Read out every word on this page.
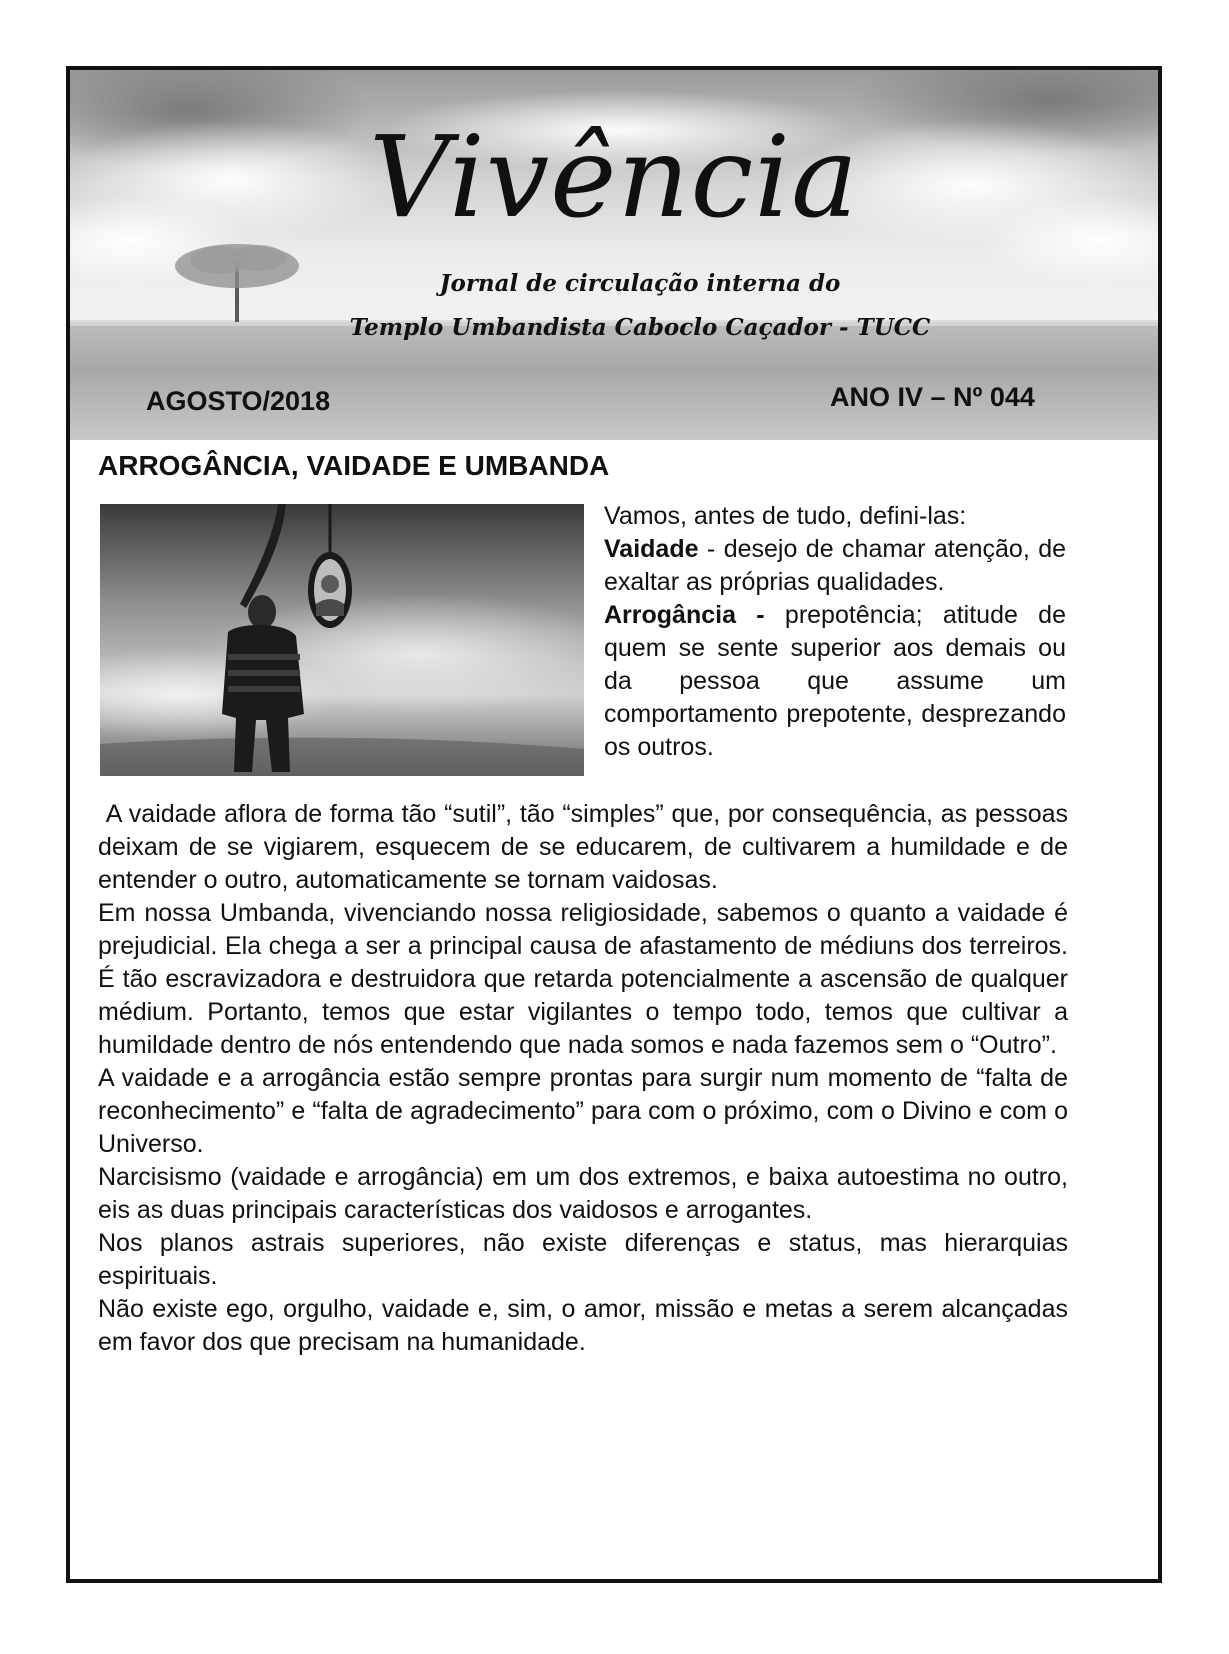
Vivência
Jornal de circulação interna do
Templo Umbandista Caboclo Caçador - TUCC
AGOSTO/2018	ANO IV – Nº 044
ARROGÂNCIA, VAIDADE E UMBANDA

Vamos, antes de tudo, defini-las:

Vaidade - desejo de chamar atenção, de exaltar as próprias qualidades.

Arrogância - prepotência; atitude de quem se sente superior aos demais ou da pessoa que assume um comportamento prepotente, desprezando os outros.

A vaidade aflora de forma tão “sutil”, tão “simples” que, por consequência, as pessoas deixam de se vigiarem, esquecem de se educarem, de cultivarem a humildade e de entender o outro, automaticamente se tornam vaidosas.

Em nossa Umbanda, vivenciando nossa religiosidade, sabemos o quanto a vaidade é prejudicial. Ela chega a ser a principal causa de afastamento de médiuns dos terreiros. É tão escravizadora e destruidora que retarda potencialmente a ascensão de qualquer médium. Portanto, temos que estar vigilantes o tempo todo, temos que cultivar a humildade dentro de nós entendendo que nada somos e nada fazemos sem o “Outro”.

A vaidade e a arrogância estão sempre prontas para surgir num momento de “falta de reconhecimento” e “falta de agradecimento” para com o próximo, com o Divino e com o Universo.

Narcisismo (vaidade e arrogância) em um dos extremos, e baixa autoestima no outro, eis as duas principais características dos vaidosos e arrogantes.

Nos planos astrais superiores, não existe diferenças e status, mas hierarquias espirituais.

Não existe ego, orgulho, vaidade e, sim, o amor, missão e metas a serem alcançadas em favor dos que precisam na humanidade.
